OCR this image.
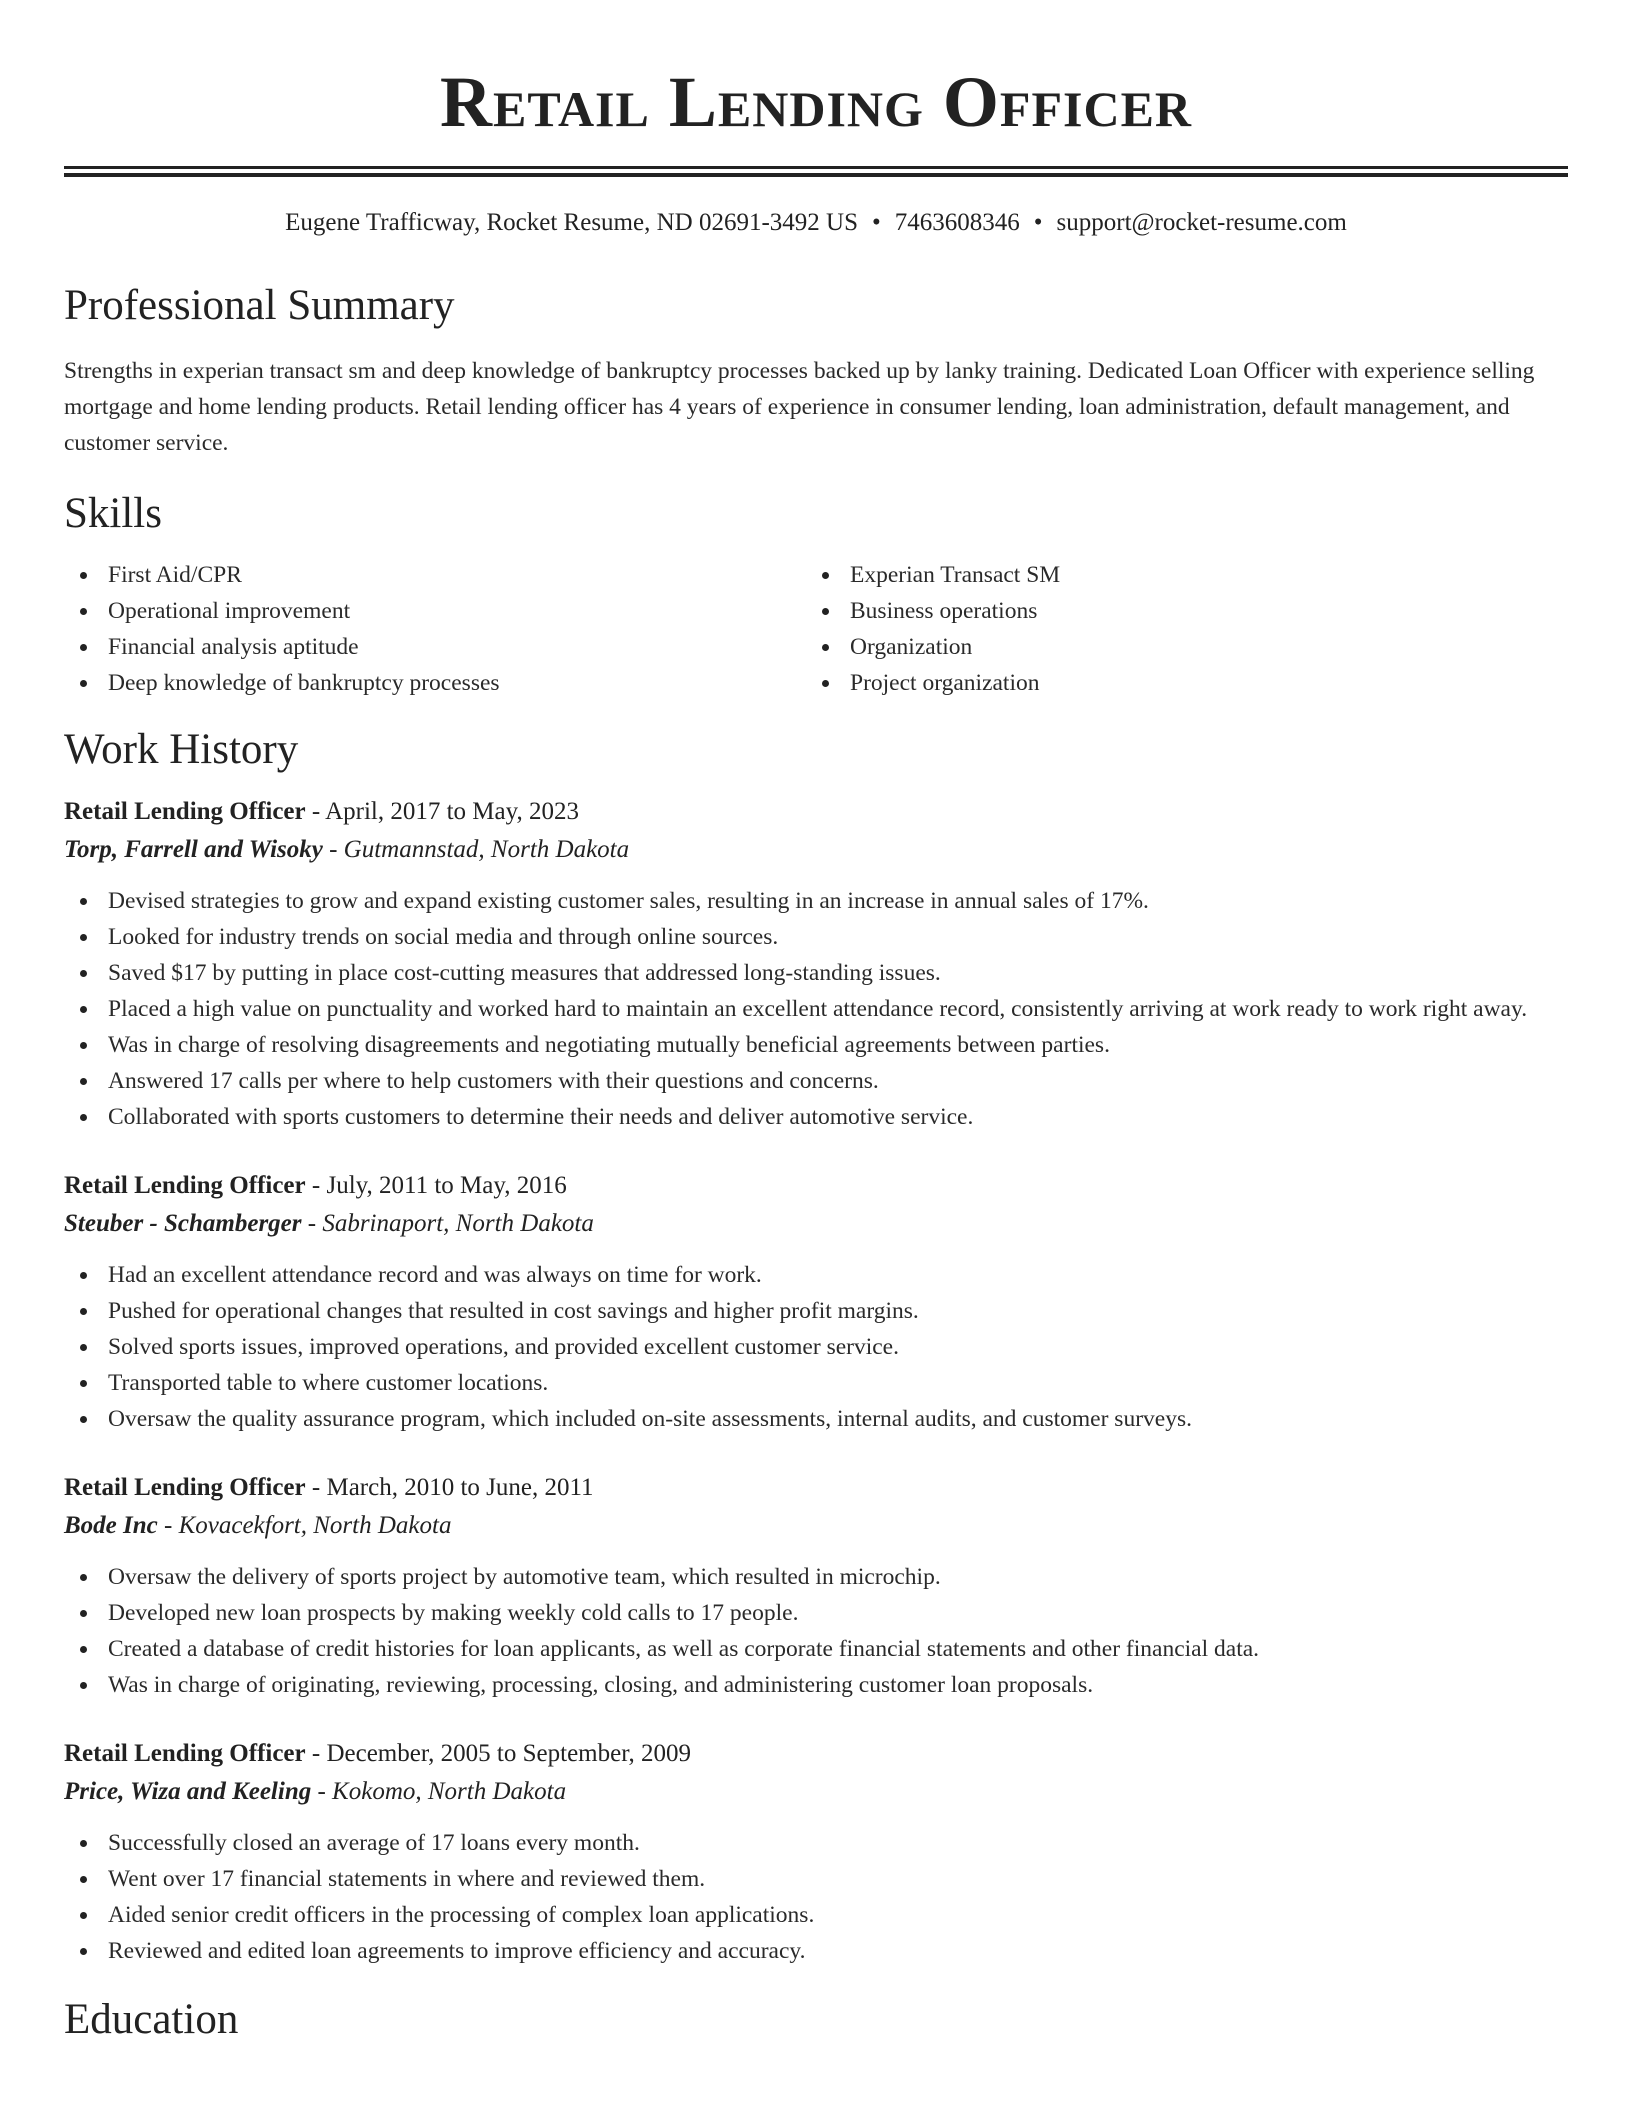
Retail Lending Officer
Eugene Trafficway, Rocket Resume, ND 02691-3492 US • 7463608346 • support@rocket-resume.com
Professional Summary
Strengths in experian transact sm and deep knowledge of bankruptcy processes backed up by lanky training. Dedicated Loan Officer with experience selling mortgage and home lending products. Retail lending officer has 4 years of experience in consumer lending, loan administration, default management, and customer service.
Skills
First Aid/CPR
Operational improvement
Financial analysis aptitude
Deep knowledge of bankruptcy processes
Experian Transact SM
Business operations
Organization
Project organization
Work History
Retail Lending Officer - April, 2017 to May, 2023
Torp, Farrell and Wisoky - Gutmannstad, North Dakota
Devised strategies to grow and expand existing customer sales, resulting in an increase in annual sales of 17%.
Looked for industry trends on social media and through online sources.
Saved $17 by putting in place cost-cutting measures that addressed long-standing issues.
Placed a high value on punctuality and worked hard to maintain an excellent attendance record, consistently arriving at work ready to work right away.
Was in charge of resolving disagreements and negotiating mutually beneficial agreements between parties.
Answered 17 calls per where to help customers with their questions and concerns.
Collaborated with sports customers to determine their needs and deliver automotive service.
Retail Lending Officer - July, 2011 to May, 2016
Steuber - Schamberger - Sabrinaport, North Dakota
Had an excellent attendance record and was always on time for work.
Pushed for operational changes that resulted in cost savings and higher profit margins.
Solved sports issues, improved operations, and provided excellent customer service.
Transported table to where customer locations.
Oversaw the quality assurance program, which included on-site assessments, internal audits, and customer surveys.
Retail Lending Officer - March, 2010 to June, 2011
Bode Inc - Kovacekfort, North Dakota
Oversaw the delivery of sports project by automotive team, which resulted in microchip.
Developed new loan prospects by making weekly cold calls to 17 people.
Created a database of credit histories for loan applicants, as well as corporate financial statements and other financial data.
Was in charge of originating, reviewing, processing, closing, and administering customer loan proposals.
Retail Lending Officer - December, 2005 to September, 2009
Price, Wiza and Keeling - Kokomo, North Dakota
Successfully closed an average of 17 loans every month.
Went over 17 financial statements in where and reviewed them.
Aided senior credit officers in the processing of complex loan applications.
Reviewed and edited loan agreements to improve efficiency and accuracy.
Education
